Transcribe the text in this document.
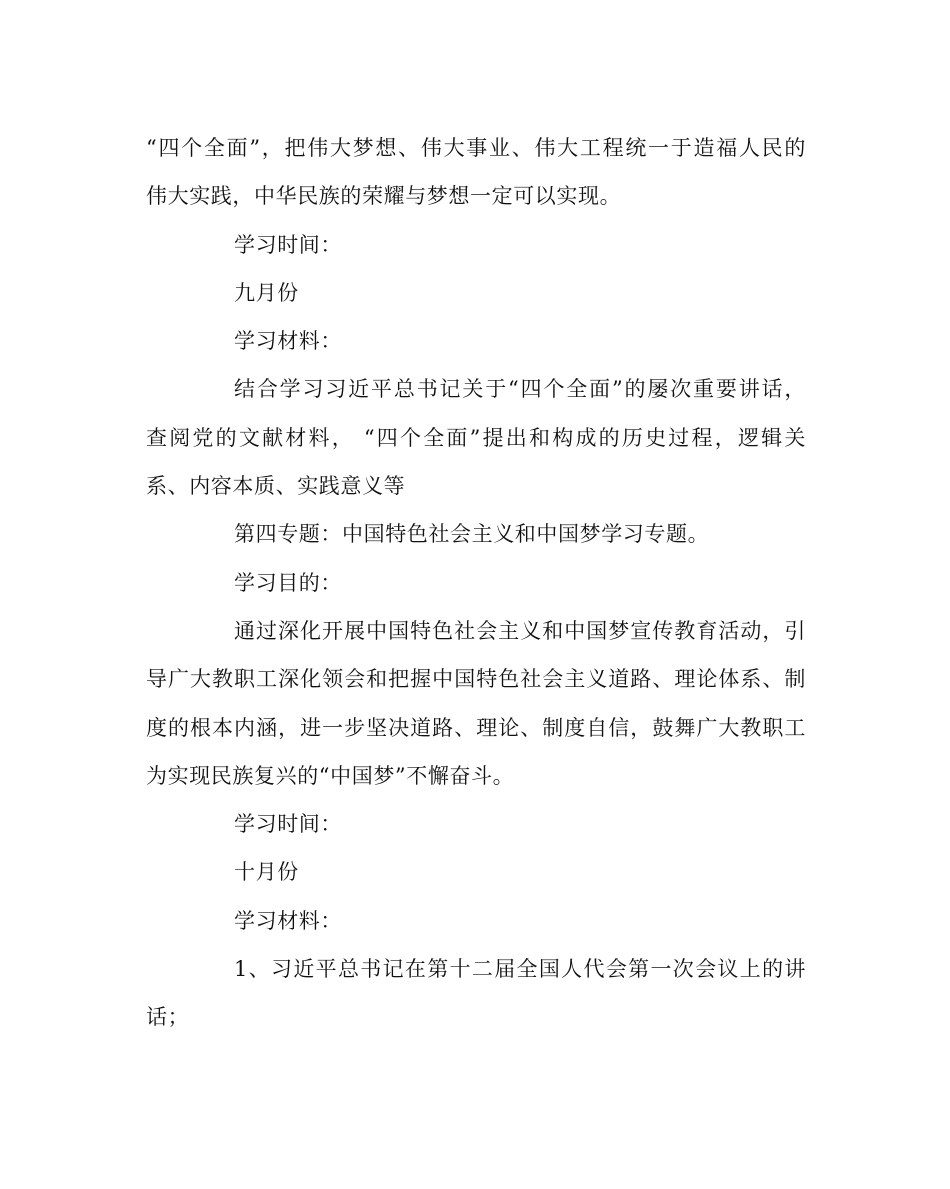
“四个全面”，把伟大梦想、伟大事业、伟大工程统一于造福人民的
伟大实践，中华民族的荣耀与梦想一定可以实现。
学习时间：
九月份
学习材料：
结合学习习近平总书记关于“四个全面”的屡次重要讲话，
查阅党的文献材料， “四个全面”提出和构成的历史过程，逻辑关
系、内容本质、实践意义等
第四专题：中国特色社会主义和中国梦学习专题。
学习目的：
通过深化开展中国特色社会主义和中国梦宣传教育活动，引
导广大教职工深化领会和把握中国特色社会主义道路、理论体系、制
度的根本内涵，进一步坚决道路、理论、制度自信，鼓舞广大教职工
为实现民族复兴的“中国梦”不懈奋斗。
学习时间：
十月份
学习材料：
1、习近平总书记在第十二届全国人代会第一次会议上的讲
话；
